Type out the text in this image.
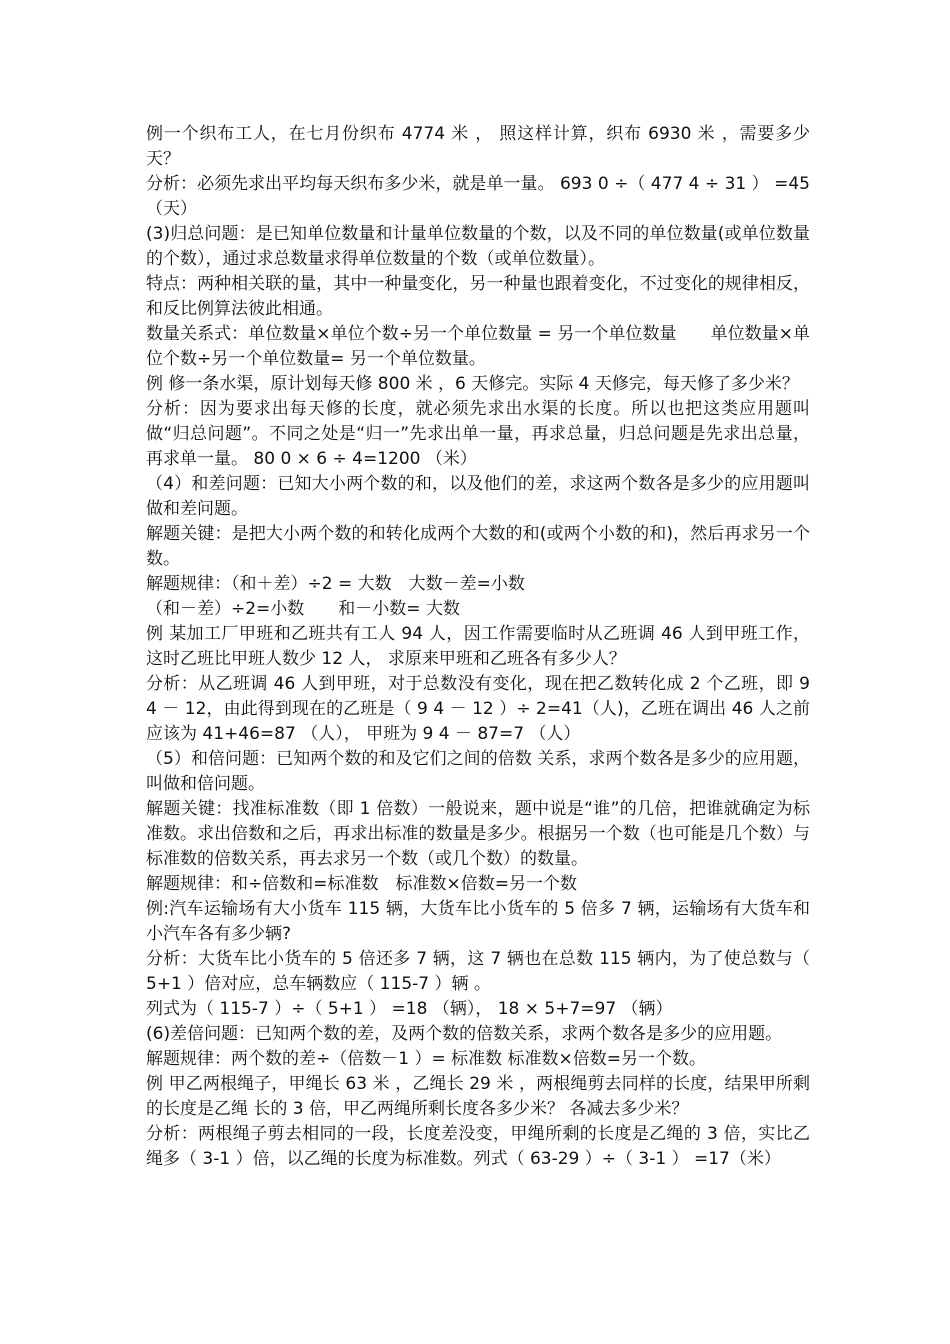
例一个织布工人，在七月份织布 4774 米 ， 照这样计算，织布 6930 米 ，需要多少天？

分析：必须先求出平均每天织布多少米，就是单一量。 693 0 ÷（ 477 4 ÷ 31 ） =45 （天）

(3)归总问题：是已知单位数量和计量单位数量的个数，以及不同的单位数量(或单位数量的个数），通过求总数量求得单位数量的个数（或单位数量）。

特点：两种相关联的量，其中一种量变化，另一种量也跟着变化，不过变化的规律相反，和反比例算法彼此相通。

数量关系式：单位数量×单位个数÷另一个单位数量 = 另一个单位数量　　单位数量×单位个数÷另一个单位数量= 另一个单位数量。

例 修一条水渠，原计划每天修 800 米 ，6 天修完。实际 4 天修完，每天修了多少米？

分析：因为要求出每天修的长度，就必须先求出水渠的长度。所以也把这类应用题叫做“归总问题”。不同之处是“归一”先求出单一量，再求总量，归总问题是先求出总量，再求单一量。 80 0 × 6 ÷ 4=1200 （米）

（4）和差问题：已知大小两个数的和，以及他们的差，求这两个数各是多少的应用题叫做和差问题。

解题关键：是把大小两个数的和转化成两个大数的和(或两个小数的和)，然后再求另一个数。

解题规律：（和＋差）÷2 = 大数　大数－差=小数

（和－差）÷2=小数　　和－小数= 大数

例 某加工厂甲班和乙班共有工人 94 人，因工作需要临时从乙班调 46 人到甲班工作，这时乙班比甲班人数少 12 人， 求原来甲班和乙班各有多少人？

分析：从乙班调 46 人到甲班，对于总数没有变化，现在把乙数转化成 2 个乙班，即 9 4 － 12，由此得到现在的乙班是（ 9 4 － 12 ）÷ 2=41（人)，乙班在调出 46 人之前应该为 41+46=87 （人）， 甲班为 9 4 － 87=7 （人）

（5）和倍问题：已知两个数的和及它们之间的倍数 关系，求两个数各是多少的应用题， 叫做和倍问题。

解题关键：找准标准数（即 1 倍数）一般说来，题中说是“谁”的几倍，把谁就确定为标准数。求出倍数和之后，再求出标准的数量是多少。根据另一个数（也可能是几个数）与标准数的倍数关系，再去求另一个数（或几个数）的数量。

解题规律：和÷倍数和=标准数　标准数×倍数=另一个数

例:汽车运输场有大小货车 115 辆，大货车比小货车的 5 倍多 7 辆，运输场有大货车和小汽车各有多少辆?

分析：大货车比小货车的 5 倍还多 7 辆，这 7 辆也在总数 115 辆内，为了使总数与（ 5+1 ）倍对应，总车辆数应（ 115-7 ）辆 。

列式为（ 115-7 ）÷（ 5+1 ） =18 （辆）， 18 × 5+7=97 （辆）

(6)差倍问题：已知两个数的差，及两个数的倍数关系，求两个数各是多少的应用题。

解题规律：两个数的差÷（倍数－1 ）= 标准数 标准数×倍数=另一个数。

例 甲乙两根绳子，甲绳长 63 米 ，乙绳长 29 米 ，两根绳剪去同样的长度，结果甲所剩的长度是乙绳 长的 3 倍，甲乙两绳所剩长度各多少米？ 各减去多少米？

分析：两根绳子剪去相同的一段，长度差没变，甲绳所剩的长度是乙绳的 3 倍，实比乙绳多（ 3-1 ）倍，以乙绳的长度为标准数。列式（ 63-29 ）÷（ 3-1 ） =17（米）
